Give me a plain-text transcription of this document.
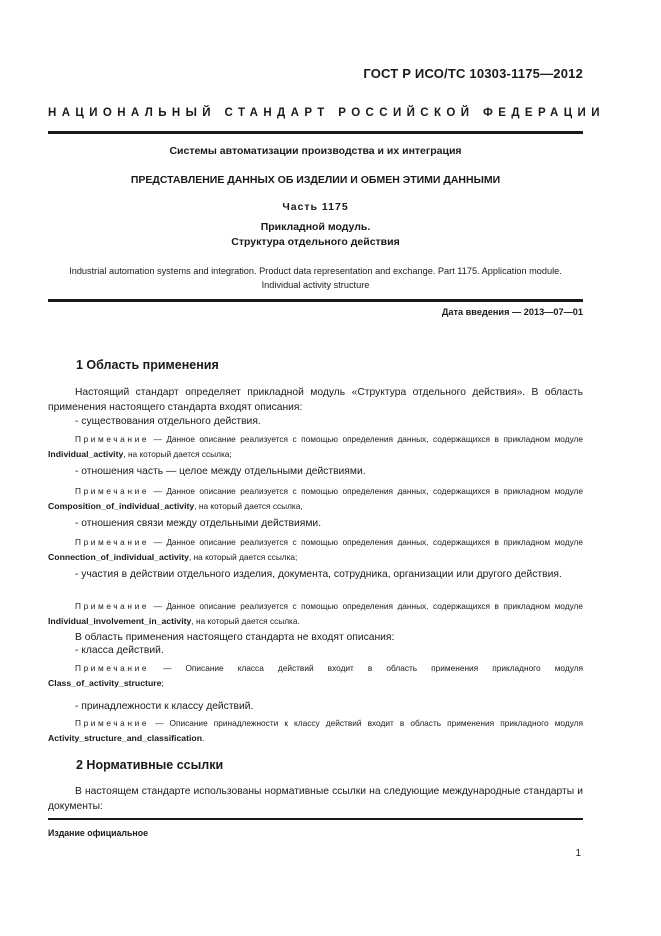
ГОСТ Р ИСО/ТС 10303-1175—2012
НАЦИОНАЛЬНЫЙ СТАНДАРТ РОССИЙСКОЙ ФЕДЕРАЦИИ
Системы автоматизации производства и их интеграция
ПРЕДСТАВЛЕНИЕ ДАННЫХ ОБ ИЗДЕЛИИ И ОБМЕН ЭТИМИ ДАННЫМИ
Часть 1175
Прикладной модуль.
Структура отдельного действия
Industrial automation systems and integration. Product data representation and exchange. Part 1175. Application module.
Individual activity structure
Дата введения — 2013—07—01
1 Область применения
Настоящий стандарт определяет прикладной модуль «Структура отдельного действия». В область применения настоящего стандарта входят описания:
- существования отдельного действия.
Примечание — Данное описание реализуется с помощью определения данных, содержащихся в прикладном модуле Individual_activity, на который дается ссылка;
- отношения часть — целое между отдельными действиями.
Примечание — Данное описание реализуется с помощью определения данных, содержащихся в прикладном модуле Composition_of_individual_activity, на который дается ссылка,
- отношения связи между отдельными действиями.
Примечание — Данное описание реализуется с помощью определения данных, содержащихся в прикладном модуле Connection_of_individual_activity, на который дается ссылка;
- участия в действии отдельного изделия, документа, сотрудника, организации или другого действия.
Примечание — Данное описание реализуется с помощью определения данных, содержащихся в прикладном модуле Individual_involvement_in_activity, на который дается ссылка.
В область применения настоящего стандарта не входят описания:
- класса действий.
Примечание — Описание класса действий входит в область применения прикладного модуля Class_of_activity_structure;
- принадлежности к классу действий.
Примечание — Описание принадлежности к классу действий входит в область применения прикладного модуля Activity_structure_and_classification.
2 Нормативные ссылки
В настоящем стандарте использованы нормативные ссылки на следующие международные стандарты и документы:
Издание официальное
1
